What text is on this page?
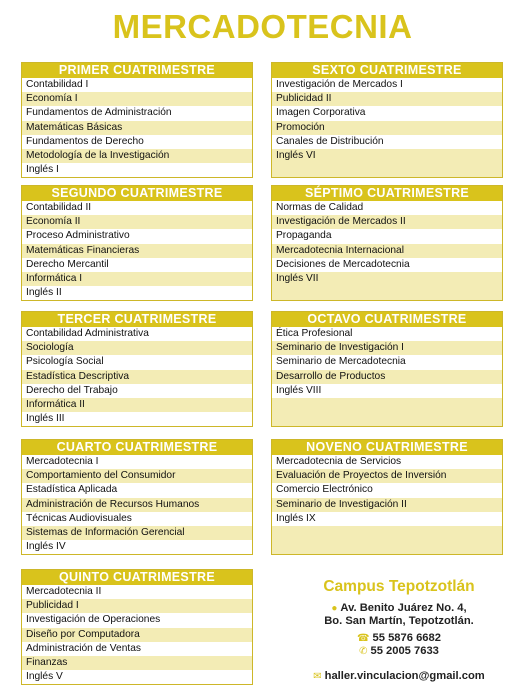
MERCADOTECNIA
PRIMER CUATRIMESTRE
Contabilidad I
Economía I
Fundamentos de Administración
Matemáticas Básicas
Fundamentos de Derecho
Metodología de la Investigación
Inglés I
SEGUNDO CUATRIMESTRE
Contabilidad II
Economía II
Proceso Administrativo
Matemáticas Financieras
Derecho Mercantil
Informática I
Inglés II
TERCER CUATRIMESTRE
Contabilidad Administrativa
Sociología
Psicología Social
Estadística Descriptiva
Derecho del Trabajo
Informática II
Inglés III
CUARTO CUATRIMESTRE
Mercadotecnia I
Comportamiento del Consumidor
Estadística Aplicada
Administración de Recursos Humanos
Técnicas Audiovisuales
Sistemas de Información Gerencial
Inglés IV
QUINTO CUATRIMESTRE
Mercadotecnia II
Publicidad I
Investigación de Operaciones
Diseño por Computadora
Administración de Ventas
Finanzas
Inglés V
SEXTO CUATRIMESTRE
Investigación de Mercados I
Publicidad II
Imagen Corporativa
Promoción
Canales de Distribución
Inglés VI
SÉPTIMO CUATRIMESTRE
Normas de Calidad
Investigación de Mercados II
Propaganda
Mercadotecnia Internacional
Decisiones de Mercadotecnia
Inglés VII
OCTAVO CUATRIMESTRE
Ética Profesional
Seminario de Investigación I
Seminario de Mercadotecnia
Desarrollo de Productos
Inglés VIII
NOVENO CUATRIMESTRE
Mercadotecnia de Servicios
Evaluación de Proyectos de Inversión
Comercio Electrónico
Seminario de Investigación II
Inglés IX
Campus Tepotzotlán
● Av. Benito Juárez No. 4,
Bo. San Martín, Tepotzotlán.
☎ 55 5876 6682
✆ 55 2005 7633
✉ haller.vinculacion@gmail.com
